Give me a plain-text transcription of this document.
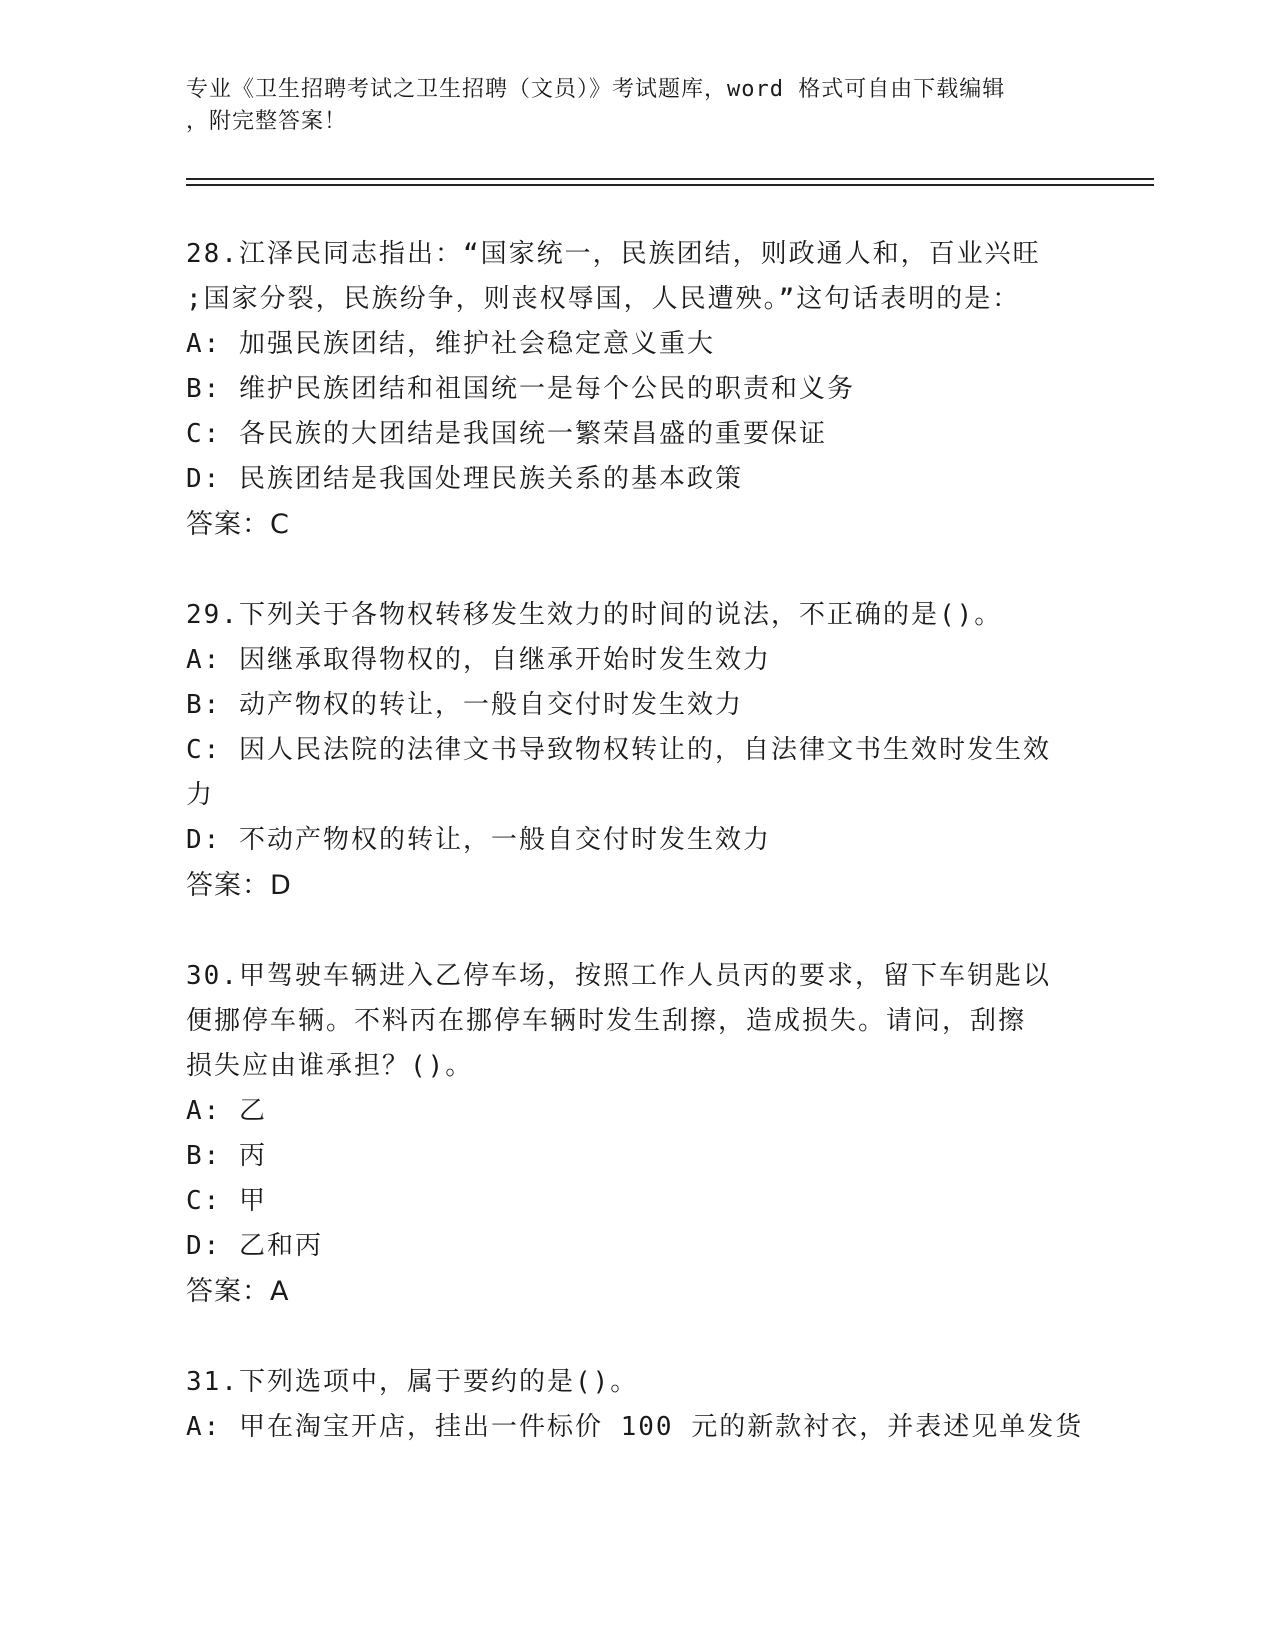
专业《卫生招聘考试之卫生招聘（文员）》考试题库，word 格式可自由下载编辑
，附完整答案！
28.江泽民同志指出：“国家统一，民族团结，则政通人和，百业兴旺
;国家分裂，民族纷争，则丧权辱国，人民遭殃。”这句话表明的是：
A: 加强民族团结，维护社会稳定意义重大
B: 维护民族团结和祖国统一是每个公民的职责和义务
C: 各民族的大团结是我国统一繁荣昌盛的重要保证
D: 民族团结是我国处理民族关系的基本政策
答案：C
29.下列关于各物权转移发生效力的时间的说法，不正确的是()。
A: 因继承取得物权的，自继承开始时发生效力
B: 动产物权的转让，一般自交付时发生效力
C: 因人民法院的法律文书导致物权转让的，自法律文书生效时发生效
力
D: 不动产物权的转让，一般自交付时发生效力
答案：D
30.甲驾驶车辆进入乙停车场，按照工作人员丙的要求，留下车钥匙以
便挪停车辆。不料丙在挪停车辆时发生刮擦，造成损失。请问，刮擦
损失应由谁承担？()。
A: 乙
B: 丙
C: 甲
D: 乙和丙
答案：A
31.下列选项中，属于要约的是()。
A: 甲在淘宝开店，挂出一件标价 100 元的新款衬衣，并表述见单发货
